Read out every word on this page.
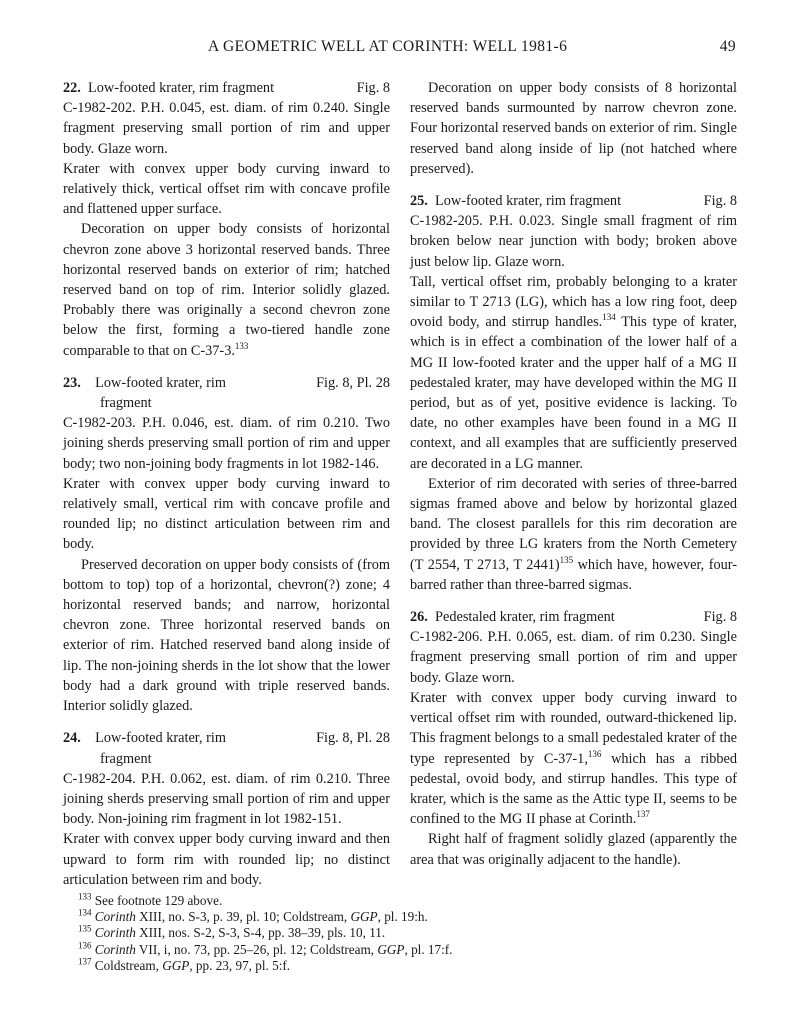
A GEOMETRIC WELL AT CORINTH: WELL 1981-6	49
22. Low-footed krater, rim fragment	Fig. 8

C-1982-202. P.H. 0.045, est. diam. of rim 0.240. Single fragment preserving small portion of rim and upper body. Glaze worn.

Krater with convex upper body curving inward to relatively thick, vertical offset rim with concave profile and flattened upper surface.

Decoration on upper body consists of horizontal chevron zone above 3 horizontal reserved bands. Three horizontal reserved bands on exterior of rim; hatched reserved band on top of rim. Interior solidly glazed. Probably there was originally a second chevron zone below the first, forming a two-tiered handle zone comparable to that on C-37-3.$^{133}$

23. Low-footed krater, rim
fragment
Fig. 8, Pl. 28

C-1982-203. P.H. 0.046, est. diam. of rim 0.210. Two joining sherds preserving small portion of rim and upper body; two non-joining body fragments in lot 1982-146.

Krater with convex upper body curving inward to relatively small, vertical rim with concave profile and rounded lip; no distinct articulation between rim and body.

Preserved decoration on upper body consists of (from bottom to top) top of a horizontal, chevron(?) zone; 4 horizontal reserved bands; and narrow, horizontal chevron zone. Three horizontal reserved bands on exterior of rim. Hatched reserved band along inside of lip. The non-joining sherds in the lot show that the lower body had a dark ground with triple reserved bands. Interior solidly glazed.

24. Low-footed krater, rim
fragment
Fig. 8, Pl. 28

C-1982-204. P.H. 0.062, est. diam. of rim 0.210. Three joining sherds preserving small portion of rim and upper body. Non-joining rim fragment in lot 1982-151.

Krater with convex upper body curving inward and then upward to form rim with rounded lip; no distinct articulation between rim and body.

Decoration on upper body consists of 8 horizontal reserved bands surmounted by narrow chevron zone. Four horizontal reserved bands on exterior of rim. Single reserved band along inside of lip (not hatched where preserved).

25. Low-footed krater, rim fragment	Fig. 8

C-1982-205. P.H. 0.023. Single small fragment of rim broken below near junction with body; broken above just below lip. Glaze worn.

Tall, vertical offset rim, probably belonging to a krater similar to T 2713 (LG), which has a low ring foot, deep ovoid body, and stirrup handles.$^{134}$ This type of krater, which is in effect a combination of the lower half of a MG II low-footed krater and the upper half of a MG II pedestaled krater, may have developed within the MG II period, but as of yet, positive evidence is lacking. To date, no other examples have been found in a MG II context, and all examples that are sufficiently preserved are decorated in a LG manner.

Exterior of rim decorated with series of three-barred sigmas framed above and below by horizontal glazed band. The closest parallels for this rim decoration are provided by three LG kraters from the North Cemetery (T 2554, T 2713, T 2441)$^{135}$ which have, however, four-barred rather than three-barred sigmas.

26. Pedestaled krater, rim fragment	Fig. 8

C-1982-206. P.H. 0.065, est. diam. of rim 0.230. Single fragment preserving small portion of rim and upper body. Glaze worn.

Krater with convex upper body curving inward to vertical offset rim with rounded, outward-thickened lip. This fragment belongs to a small pedestaled krater of the type represented by C-37-1,$^{136}$ which has a ribbed pedestal, ovoid body, and stirrup handles. This type of krater, which is the same as the Attic type II, seems to be confined to the MG II phase at Corinth.$^{137}$

Right half of fragment solidly glazed (apparently the area that was originally adjacent to the handle).

$^{133}$ See footnote 129 above.
$^{134}$ Corinth XIII, no. S-3, p. 39, pl. 10; Coldstream, GGP, pl. 19:h.
$^{135}$ Corinth XIII, nos. S-2, S-3, S-4, pp. 38–39, pls. 10, 11.
$^{136}$ Corinth VII, i, no. 73, pp. 25–26, pl. 12; Coldstream, GGP, pl. 17:f.
$^{137}$ Coldstream, GGP, pp. 23, 97, pl. 5:f.
